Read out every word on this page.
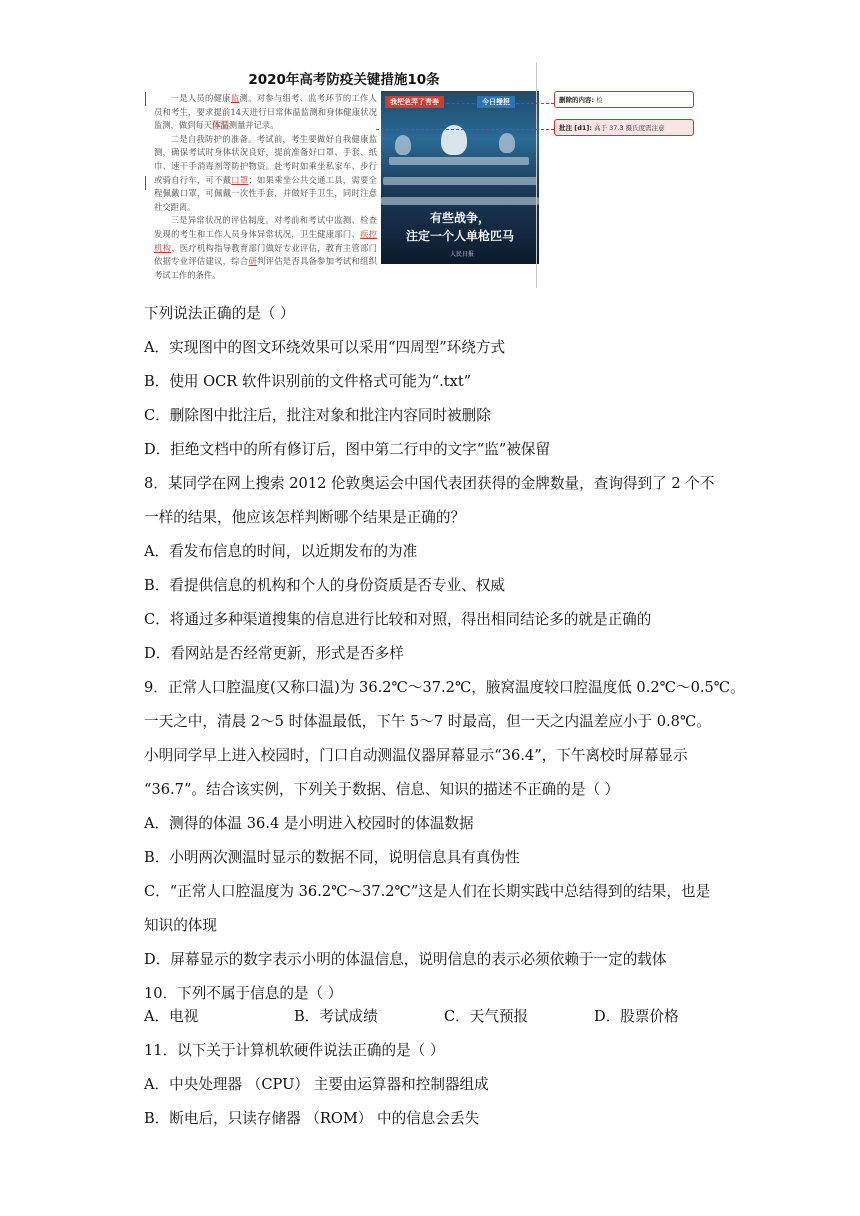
2020年高考防疫关键措施10条

一是人员的健康监测。对参与组考、监考环节的工作人员和考生，要求提前14天进行日常体温监测和身体健康状况监测，做到每天体温测量并记录。

二是自我防护的准备。考试前，考生要做好自我健康监测，确保考试时身体状况良好，提前准备好口罩、手套、纸巾、速干手消毒剂等防护物资。赴考时如乘坐私家车、步行或骑自行车，可不戴口罩；如果乘坐公共交通工具，需要全程佩戴口罩，可佩戴一次性手套，并做好手卫生，同时注意社交距离。

三是异常状况的评估制度。对考前和考试中监测、检查发现的考生和工作人员身体异常状况，卫生健康部门、疾控机构、医疗机构指导教育部门做好专业评估，教育主管部门依据专业评估建议，综合研判评估是否具备参加考试和组织考试工作的条件。

我把急弄了青春	今日播报
有些战争，
注定一个人单枪匹马
人民日报
删除的内容: 检
批注 [d1]: 高于 37.3 摄氏度需注意
下列说法正确的是（ ）
A．实现图中的图文环绕效果可以采用“四周型”环绕方式
B．使用 OCR 软件识别前的文件格式可能为“.txt”
C．删除图中批注后，批注对象和批注内容同时被删除
D．拒绝文档中的所有修订后，图中第二行中的文字“监”被保留
8．某同学在网上搜索 2012 伦敦奥运会中国代表团获得的金牌数量，查询得到了 2 个不
一样的结果，他应该怎样判断哪个结果是正确的？
A．看发布信息的时间，以近期发布的为准
B．看提供信息的机构和个人的身份资质是否专业、权威
C．将通过多种渠道搜集的信息进行比较和对照，得出相同结论多的就是正确的
D．看网站是否经常更新，形式是否多样
9．正常人口腔温度(又称口温)为 36.2℃～37.2℃，腋窝温度较口腔温度低 0.2℃～0.5℃。
一天之中，清晨 2～5 时体温最低，下午 5～7 时最高，但一天之内温差应小于 0.8℃。
小明同学早上进入校园时，门口自动测温仪器屏幕显示“36.4”，下午离校时屏幕显示
“36.7”。结合该实例，下列关于数据、信息、知识的描述不正确的是（ ）
A．测得的体温 36.4 是小明进入校园时的体温数据
B．小明两次测温时显示的数据不同，说明信息具有真伪性
C．“正常人口腔温度为 36.2℃～37.2℃”这是人们在长期实践中总结得到的结果，也是
知识的体现
D．屏幕显示的数字表示小明的体温信息，说明信息的表示必须依赖于一定的载体
10．下列不属于信息的是（ ）
A．电视	B．考试成绩	C．天气预报	D．股票价格
11．以下关于计算机软硬件说法正确的是（ ）
A．中央处理器 （CPU） 主要由运算器和控制器组成
B．断电后，只读存储器 （ROM） 中的信息会丢失
